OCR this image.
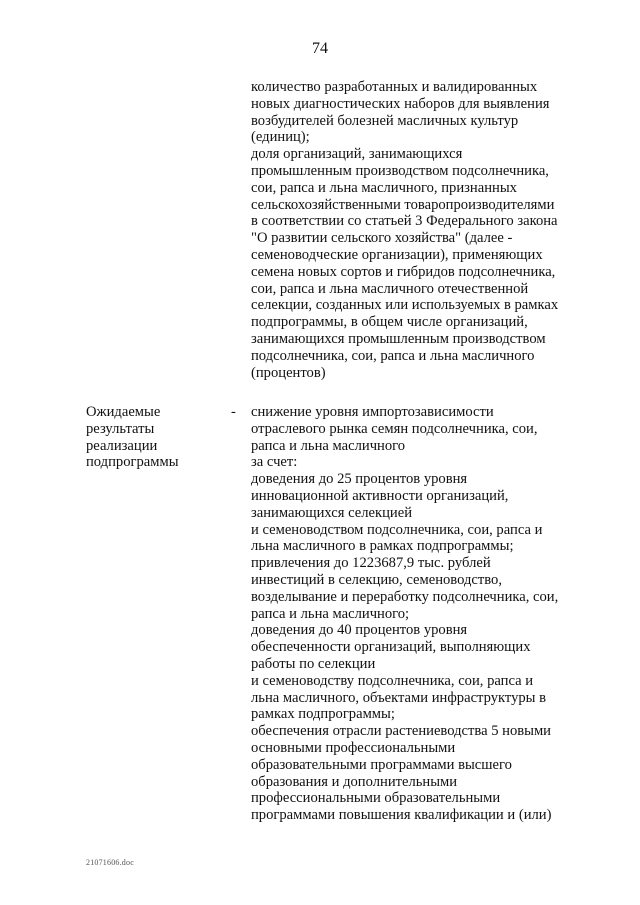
74
количество разработанных и валидированных
новых диагностических наборов для выявления
возбудителей болезней масличных культур
(единиц);
доля организаций, занимающихся
промышленным производством подсолнечника,
сои, рапса и льна масличного, признанных
сельскохозяйственными товаропроизводителями
в соответствии со статьей 3 Федерального закона
"О развитии сельского хозяйства" (далее -
семеноводческие организации), применяющих
семена новых сортов и гибридов подсолнечника,
сои, рапса и льна масличного отечественной
селекции, созданных или используемых в рамках
подпрограммы, в общем числе организаций,
занимающихся промышленным производством
подсолнечника, сои, рапса и льна масличного
(процентов)
Ожидаемые
результаты
реализации
подпрограммы
- снижение уровня импортозависимости
отраслевого рынка семян подсолнечника, сои,
рапса и льна масличного
за счет:
доведения до 25 процентов уровня
инновационной активности организаций,
занимающихся селекцией
и семеноводством подсолнечника, сои, рапса и
льна масличного в рамках подпрограммы;
привлечения до 1223687,9 тыс. рублей
инвестиций в селекцию, семеноводство,
возделывание и переработку подсолнечника, сои,
рапса и льна масличного;
доведения до 40 процентов уровня
обеспеченности организаций, выполняющих
работы по селекции
и семеноводству подсолнечника, сои, рапса и
льна масличного, объектами инфраструктуры в
рамках подпрограммы;
обеспечения отрасли растениеводства 5 новыми
основными профессиональными
образовательными программами высшего
образования и дополнительными
профессиональными образовательными
программами повышения квалификации и (или)
21071606.doc
